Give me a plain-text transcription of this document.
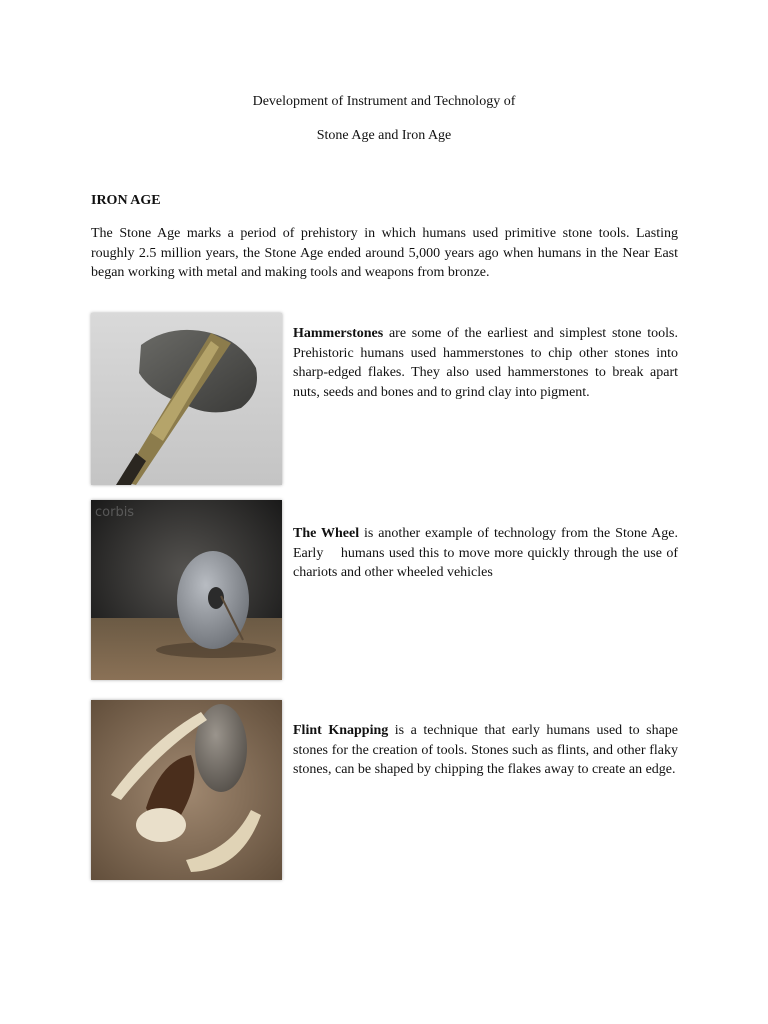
Development of Instrument and Technology of
Stone Age and Iron Age
IRON AGE
The Stone Age marks a period of prehistory in which humans used primitive stone tools. Lasting roughly 2.5 million years, the Stone Age ended around 5,000 years ago when humans in the Near East began working with metal and making tools and weapons from bronze.
corbis

Hammerstones are some of the earliest and simplest stone tools. Prehistoric humans used hammerstones to chip other stones into sharp-edged flakes. They also used hammerstones to break apart nuts, seeds and bones and to grind clay into pigment.

The Wheel is another example of technology from the Stone Age. Early    humans used this to move more quickly through the use of chariots and other wheeled vehicles

Flint Knapping is a technique that early humans used to shape stones for the creation of tools. Stones such as flints, and other flaky stones, can be shaped by chipping the flakes away to create an edge.
